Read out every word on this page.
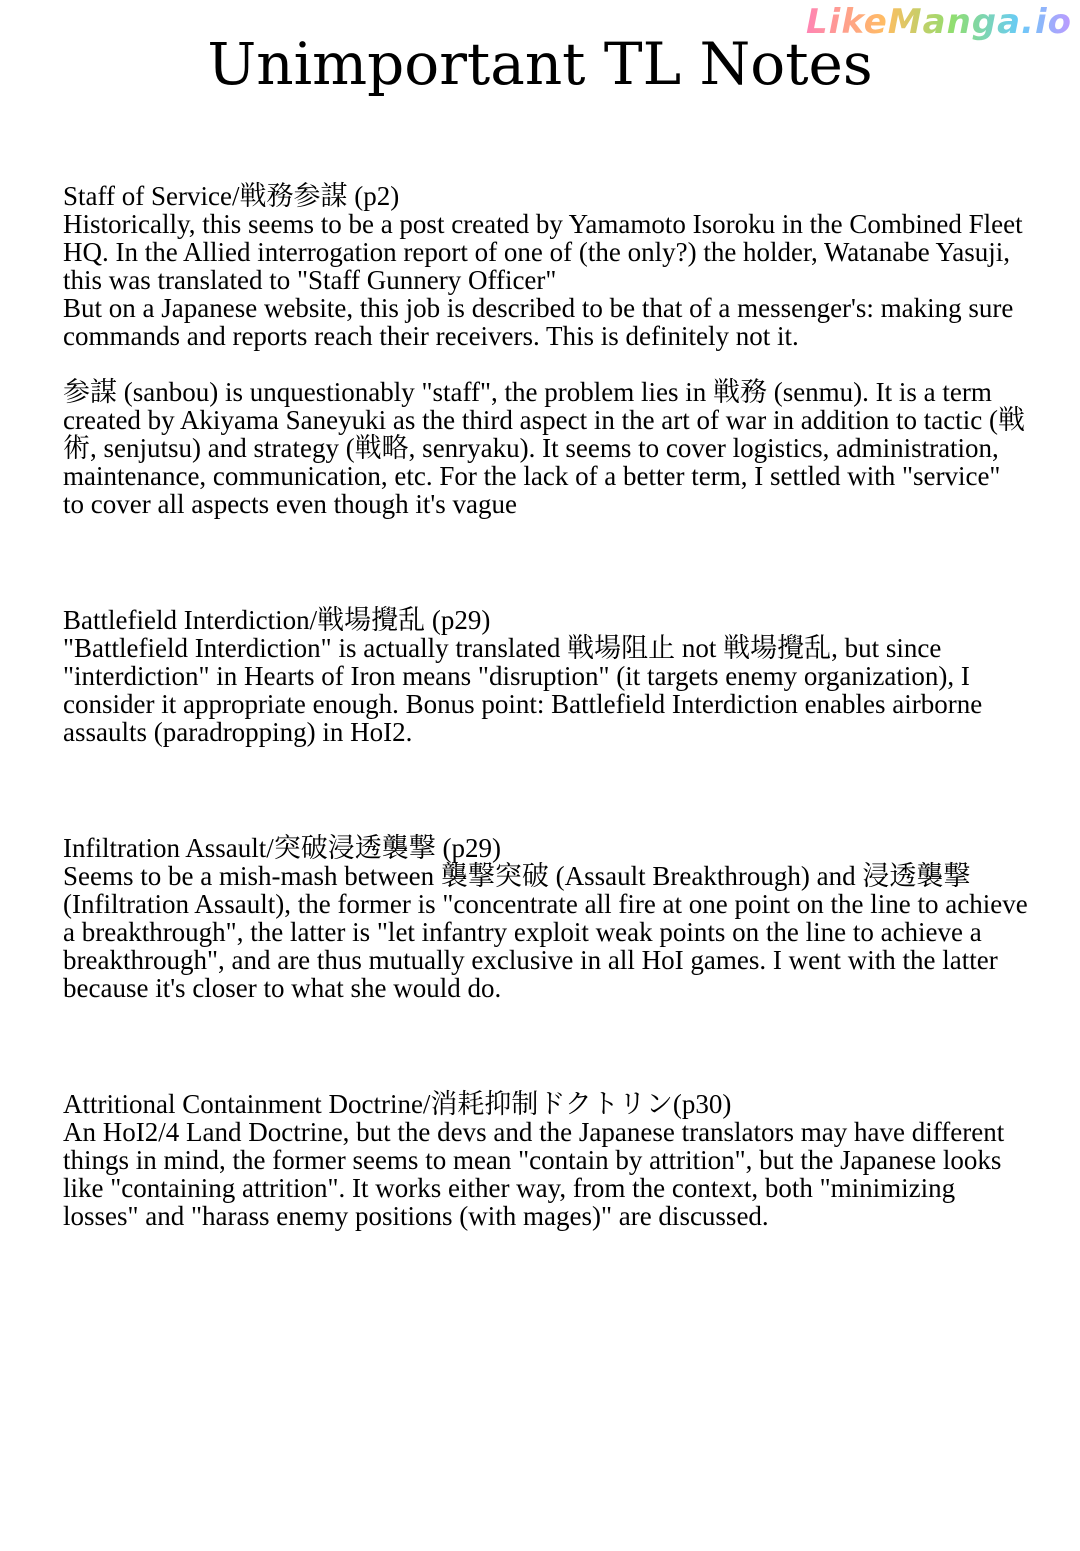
LikeManga.io
Unimportant TL Notes

Staff of Service/戦務参謀 (p2)

Historically, this seems to be a post created by Yamamoto Isoroku in the Combined Fleet HQ. In the Allied interrogation report of one of (the only?) the holder, Watanabe Yasuji, this was translated to "Staff Gunnery Officer"

But on a Japanese website, this job is described to be that of a messenger's: making sure commands and reports reach their receivers. This is definitely not it.

参謀 (sanbou) is unquestionably "staff", the problem lies in 戦務 (senmu). It is a term created by Akiyama Saneyuki as the third aspect in the art of war in addition to tactic (戦術, senjutsu) and strategy (戦略, senryaku). It seems to cover logistics, administration, maintenance, communication, etc. For the lack of a better term, I settled with "service" to cover all aspects even though it's vague

Battlefield Interdiction/戦場攪乱 (p29)

"Battlefield Interdiction" is actually translated 戦場阻止 not 戦場攪乱, but since "interdiction" in Hearts of Iron means "disruption" (it targets enemy organization), I consider it appropriate enough. Bonus point: Battlefield Interdiction enables airborne assaults (paradropping) in HoI2.

Infiltration Assault/突破浸透襲撃 (p29)

Seems to be a mish-mash between 襲撃突破 (Assault Breakthrough) and 浸透襲撃 (Infiltration Assault), the former is "concentrate all fire at one point on the line to achieve a breakthrough", the latter is "let infantry exploit weak points on the line to achieve a breakthrough", and are thus mutually exclusive in all HoI games. I went with the latter because it's closer to what she would do.

Attritional Containment Doctrine/消耗抑制ドクトリン(p30)

An HoI2/4 Land Doctrine, but the devs and the Japanese translators may have different things in mind, the former seems to mean "contain by attrition", but the Japanese looks like "containing attrition". It works either way, from the context, both "minimizing losses" and "harass enemy positions (with mages)" are discussed.
